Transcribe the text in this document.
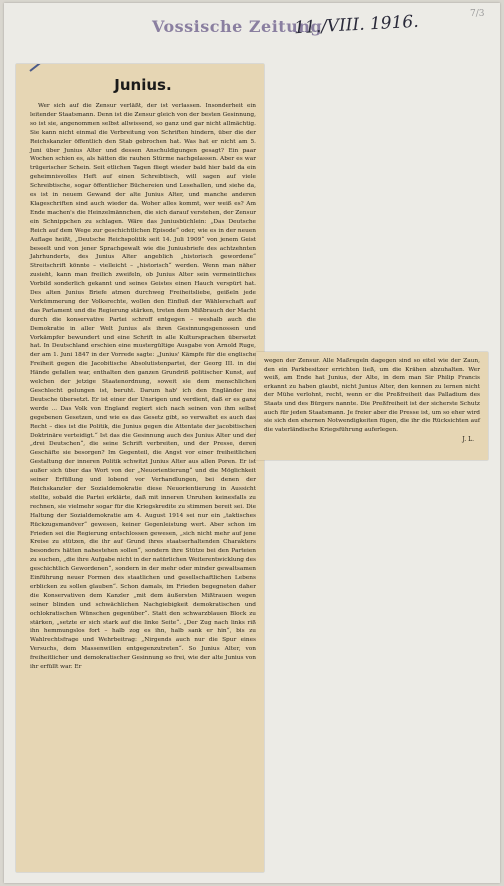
Vossische Zeitung
11./VIII. 1916.	7/3
Junius.

Wer sich auf die Zensur verläßt, der ist verlassen. Insonderheit ein leitender Staatsmann. Denn ist die Zensur gleich von der besten Gesinnung, so ist sie, angenommen selbst allwissend, so ganz und gar nicht allmächtig. Sie kann nicht einmal die Verbreitung von Schriften hindern, über die der Reichskanzler öffentlich den Stab gebrochen hat. Was hat er nicht am 5. Juni über Junius Alter und dessen Anschuldigungen gesagt? Ein paar Wochen schien es, als hätten die rauhen Stürme nachgelassen. Aber es war trügerischer Schein. Seit etlichen Tagen fliegt wieder bald hier bald da ein geheimnisvolles Heft auf einen Schreibtisch, will sagen auf viele Schreibtische, sogar öffentlicher Büchereien und Lesehallen, und siehe da, es ist in neuem Gewand der alte Junius Alter, und manche anderen Klageschriften sind auch wieder da. Woher alles kommt, wer weiß es? Am Ende machen's die Heinzelmännchen, die sich darauf verstehen, der Zensur ein Schnippchen zu schlagen. Wäre das Juniusbüchlein: „Das Deutsche Reich auf dem Wege zur geschichtlichen Episode“ oder, wie es in der neuen Auflage heißt, „Deutsche Reichspolitik seit 14. Juli 1909“ von jenem Geist beseelt und von jener Sprachgewalt wie die Juniusbriefe des achtzehnten Jahrhunderts, des Junius Alter angeblich „historisch gewordene“ Streitschrift könnte – vielleicht – „historisch“ werden. Wenn man näher zusieht, kann man freilich zweifeln, ob Junius Alter sein vermeintliches Vorbild sonderlich gekannt und seines Geistes einen Hauch verspürt hat. Des alten Junius Briefe atmen durchweg Freiheitsliebe, geißeln jede Verkümmerung der Volksrechte, wollen den Einfluß der Wählerschaft auf das Parlament und die Regierung stärken, treten dem Mißbrauch der Macht durch die konservative Partei schroff entgegen – weshalb auch die Demokratie in aller Welt Junius als ihren Gesinnungsgenossen und Vorkämpfer bewundert und eine Schrift in alle Kultursprachen übersetzt hat. In Deutschland erschien eine mustergültige Ausgabe von Arnold Ruge, der am 1. Juni 1847 in der Vorrede sagte: „Junius' Kämpfe für die englische Freiheit gegen die Jacobitische Absolutistenpartei, der Georg III. in die Hände gefallen war, enthalten den ganzen Grundriß politischer Kunst, auf welchen der jetzige Staatenordnung, soweit sie dem menschlichen Geschlecht gelungen ist, beruht. Darum hab' ich den Engländer ins Deutsche übersetzt. Er ist einer der Unsrigen und verdient, daß er es ganz werde ... Das Volk von England regiert sich nach seinen von ihm selbst gegebenen Gesetzen, und wie es das Gesetz gibt, so verwaltet es auch das Recht – dies ist die Politik, die Junius gegen die Attentate der jacobitischen Doktrinäre verteidigt.“ Ist das die Gesinnung auch des Junius Alter und der „drei Deutschen“, die seine Schrift verbreiten, und der Presse, deren Geschäfte sie besorgen? Im Gegenteil, die Angst vor einer freiheitlichen Gestaltung der inneren Politik schwitzt Junius Alter aus allen Poren. Er ist außer sich über das Wort von der „Neuorientierung“ und die Möglichkeit seiner Erfüllung und lobend vor Verhandlungen, bei denen der Reichskanzler der Sozialdemokratie diese Neuorientierung in Aussicht stellte, sobald die Partei erklärte, daß mit inneren Unruhen keinesfalls zu rechnen, sie vielmehr sogar für die Kriegskredite zu stimmen bereit sei. Die Haltung der Sozialdemokratie am 4. August 1914 sei nur ein „taktisches Rückzugsmanöver“ gewesen, keiner Gegenleistung wert. Aber schon im Frieden sei die Regierung entschlossen gewesen, „sich nicht mehr auf jene Kreise zu stützen, die ihr auf Grund ihres staatserhaltenden Charakters besonders hätten nahestehen sollen“, sondern ihre Stütze bei den Parteien zu suchen, „die ihre Aufgabe nicht in der natürlichen Weiterentwicklung des geschichtlich Gewordenen“, sondern in der mehr oder minder gewaltsamen Einführung neuer Formen des staatlichen und gesellschaftlichen Lebens erblicken zu sollen glauben“. Schon damals, im Frieden begegneten daher die Konservativen dem Kanzler „mit dem äußersten Mißtrauen wegen seiner blinden und schwächlichen Nachgiebigkeit demokratischen und ochlokratischen Wünschen gegenüber“. Statt den schwarzblauen Block zu stärken, „setzte er sich stark auf die linke Seite“. „Der Zug nach links riß ihn hemmungslos fort – halb zog es ihn, halb sank er hin“, bis zu Wahlrechtsfrage und Wehrbeitrag: „Nirgends auch nur die Spur eines Versuchs, dem Massenwillen entgegenzutreten“. So Junius Alter, von freiheitlicher und demokratischer Gesinnung so frei, wie der alte Junius von ihr erfüllt war. Er

wegen der Zensur. Alle Maßregeln dagegen sind so eitel wie der Zaun, den ein Parkbesitzer errichten ließ, um die Krähen abzuhalten. Wer weiß, am Ende hat Junius, der Alte, in dem man Sir Philip Francis erkannt zu haben glaubt, nicht Junius Alter, den kennen zu lernen nicht der Mühe verlohnt, recht, wenn er die Preßfreiheit das Palladium des Staats und des Bürgers nannte. Die Preßfreiheit ist der sicherste Schutz auch für jeden Staatsmann. Je freier aber die Presse ist, um so eher wird sie sich den ehernen Notwendigkeiten fügen, die ihr die Rücksichten auf die vaterländische Kriegsführung auferlegen.

J. L.
